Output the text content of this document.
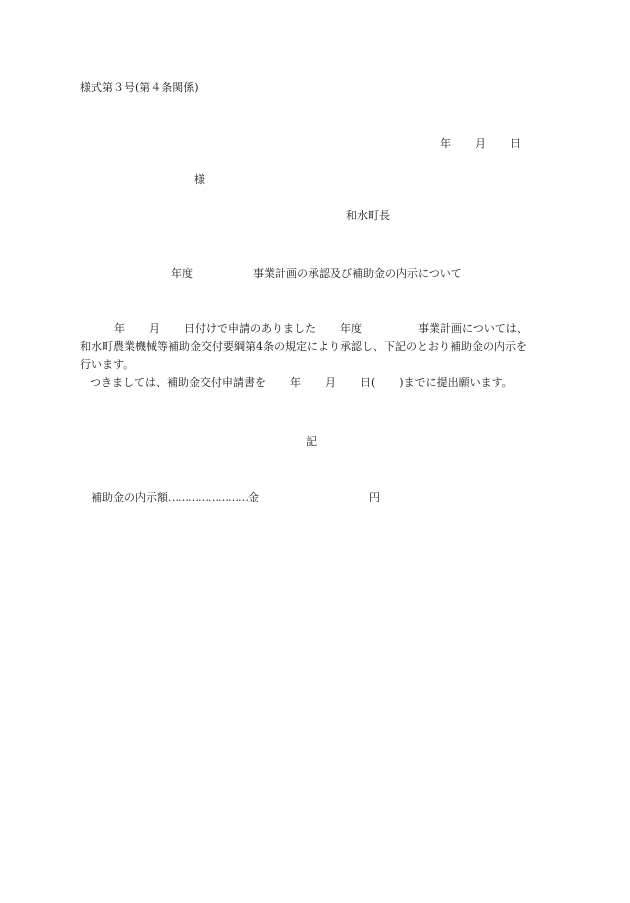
様式第３号(第４条関係)
年 月 日
様
和水町長
年度	事業計画の承認及び補助金の内示について
年 月 日付けで申請のありました 年度	事業計画については、
和水町農業機械等補助金交付要綱第4条の規定により承認し、下記のとおり補助金の内示を
行います。
つきましては、補助金交付申請書を 年 月 日( )までに提出願います。
記
補助金の内示額……………………金	円
